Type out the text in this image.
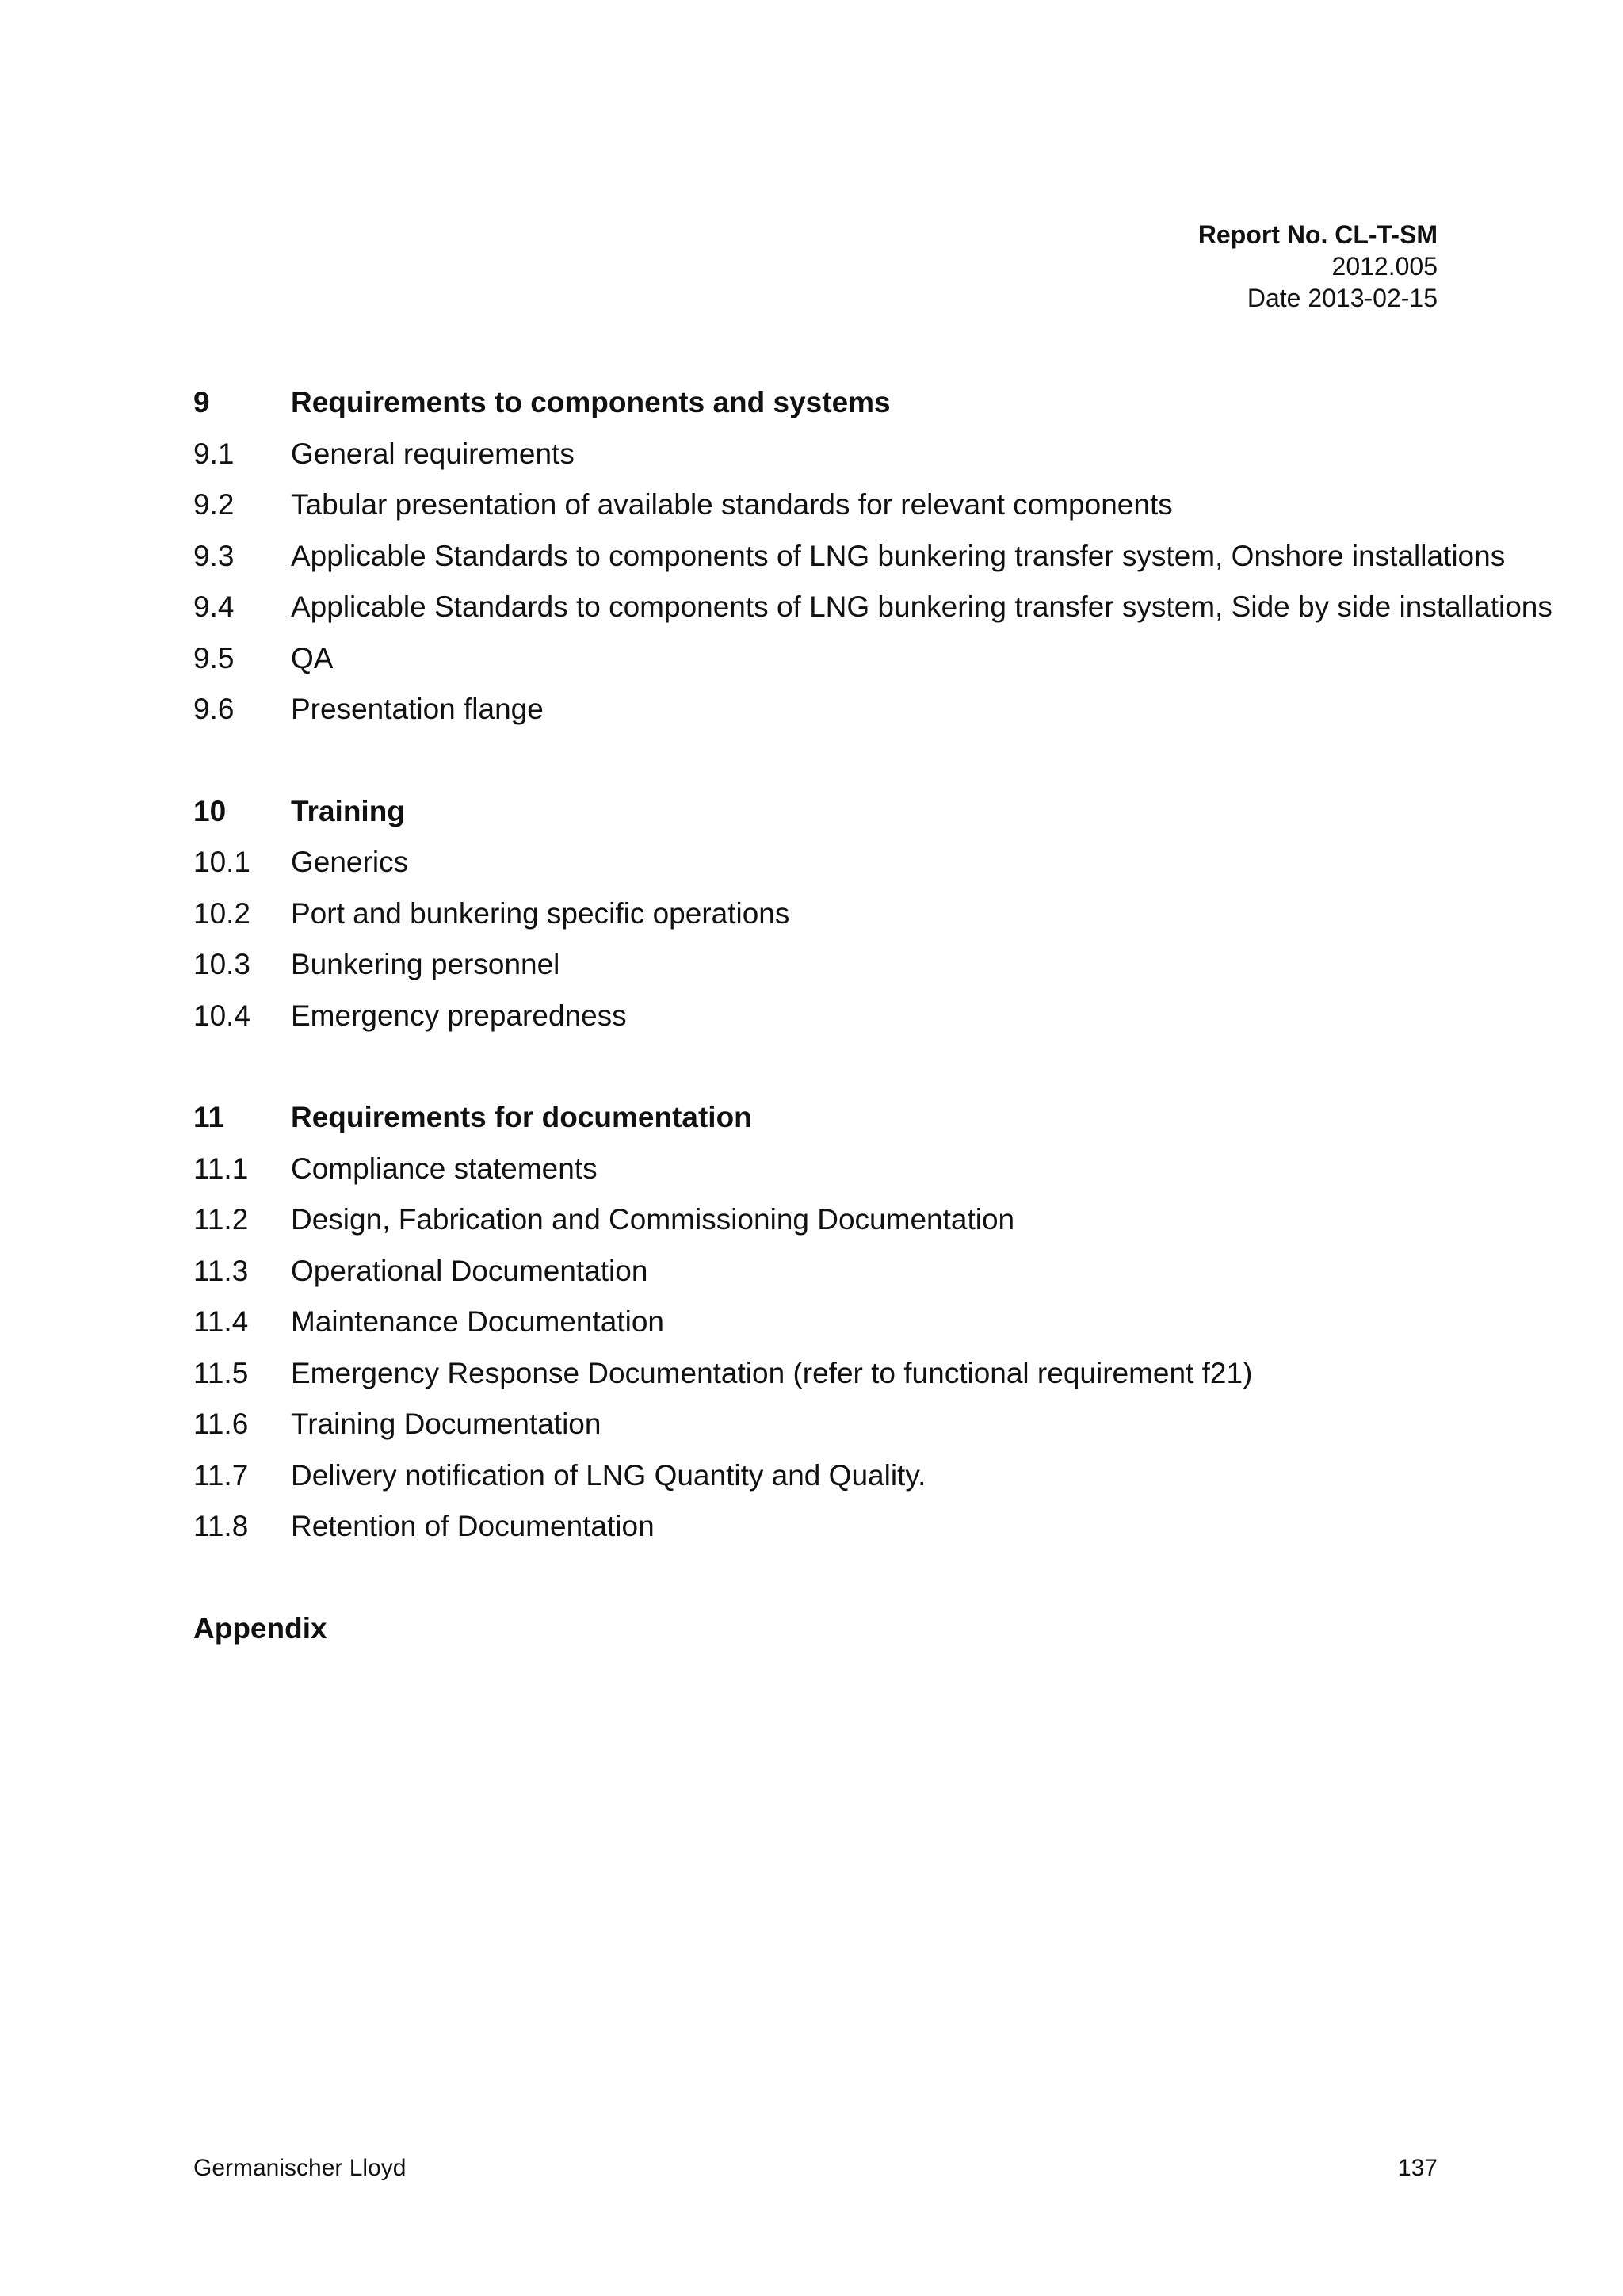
Report No. CL-T-SM
2012.005
Date 2013-02-15
9	Requirements to components and systems
9.1	General requirements
9.2	Tabular presentation of available standards for relevant components
9.3	Applicable Standards to components of LNG bunkering transfer system, Onshore installations
9.4	Applicable Standards to components of LNG bunkering transfer system, Side by side installations
9.5	QA
9.6	Presentation flange
10	Training
10.1	Generics
10.2	Port and bunkering specific operations
10.3	Bunkering personnel
10.4	Emergency preparedness
11	Requirements for documentation
11.1	Compliance statements
11.2	Design, Fabrication and Commissioning Documentation
11.3	Operational Documentation
11.4	Maintenance Documentation
11.5	Emergency Response Documentation (refer to functional requirement f21)
11.6	Training Documentation
11.7	Delivery notification of LNG Quantity and Quality.
11.8	Retention of Documentation
Appendix
Germanischer Lloyd	137
